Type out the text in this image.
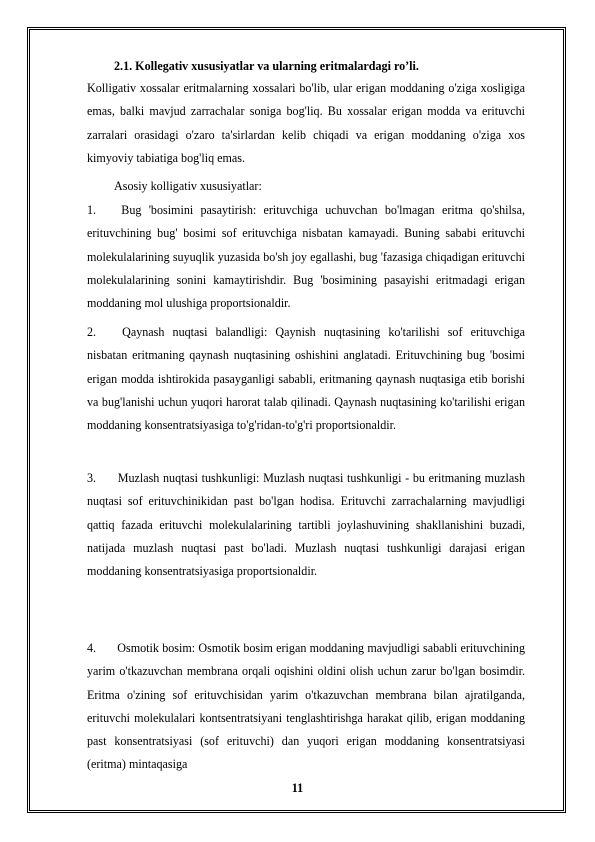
2.1. Kollegativ xususiyatlar va ularning eritmalardagi ro’li.
Kolligativ xossalar eritmalarning xossalari bo'lib, ular erigan moddaning o'ziga xosligiga emas, balki mavjud zarrachalar soniga bog'liq. Bu xossalar erigan modda va erituvchi zarralari orasidagi o'zaro ta'sirlardan kelib chiqadi va erigan moddaning o'ziga xos kimyoviy tabiatiga bog'liq emas.
Asosiy kolligativ xususiyatlar:
1. Bug 'bosimini pasaytirish: erituvchiga uchuvchan bo'lmagan eritma qo'shilsa, erituvchining bug' bosimi sof erituvchiga nisbatan kamayadi. Buning sababi erituvchi molekulalarining suyuqlik yuzasida bo'sh joy egallashi, bug 'fazasiga chiqadigan erituvchi molekulalarining sonini kamaytirishdir. Bug 'bosimining pasayishi eritmadagi erigan moddaning mol ulushiga proportsionaldir.
2. Qaynash nuqtasi balandligi: Qaynish nuqtasining ko'tarilishi sof erituvchiga nisbatan eritmaning qaynash nuqtasining oshishini anglatadi. Erituvchining bug 'bosimi erigan modda ishtirokida pasayganligi sababli, eritmaning qaynash nuqtasiga etib borishi va bug'lanishi uchun yuqori harorat talab qilinadi. Qaynash nuqtasining ko'tarilishi erigan moddaning konsentratsiyasiga to'g'ridan-to'g'ri proportsionaldir.
3. Muzlash nuqtasi tushkunligi: Muzlash nuqtasi tushkunligi - bu eritmaning muzlash nuqtasi sof erituvchinikidan past bo'lgan hodisa. Erituvchi zarrachalarning mavjudligi qattiq fazada erituvchi molekulalarining tartibli joylashuvining shakllanishini buzadi, natijada muzlash nuqtasi past bo'ladi. Muzlash nuqtasi tushkunligi darajasi erigan moddaning konsentratsiyasiga proportsionaldir.
4. Osmotik bosim: Osmotik bosim erigan moddaning mavjudligi sababli erituvchining yarim o'tkazuvchan membrana orqali oqishini oldini olish uchun zarur bo'lgan bosimdir. Eritma o'zining sof erituvchisidan yarim o'tkazuvchan membrana bilan ajratilganda, erituvchi molekulalari kontsentratsiyani tenglashtirishga harakat qilib, erigan moddaning past konsentratsiyasi (sof erituvchi) dan yuqori erigan moddaning konsentratsiyasi (eritma) mintaqasiga
11
